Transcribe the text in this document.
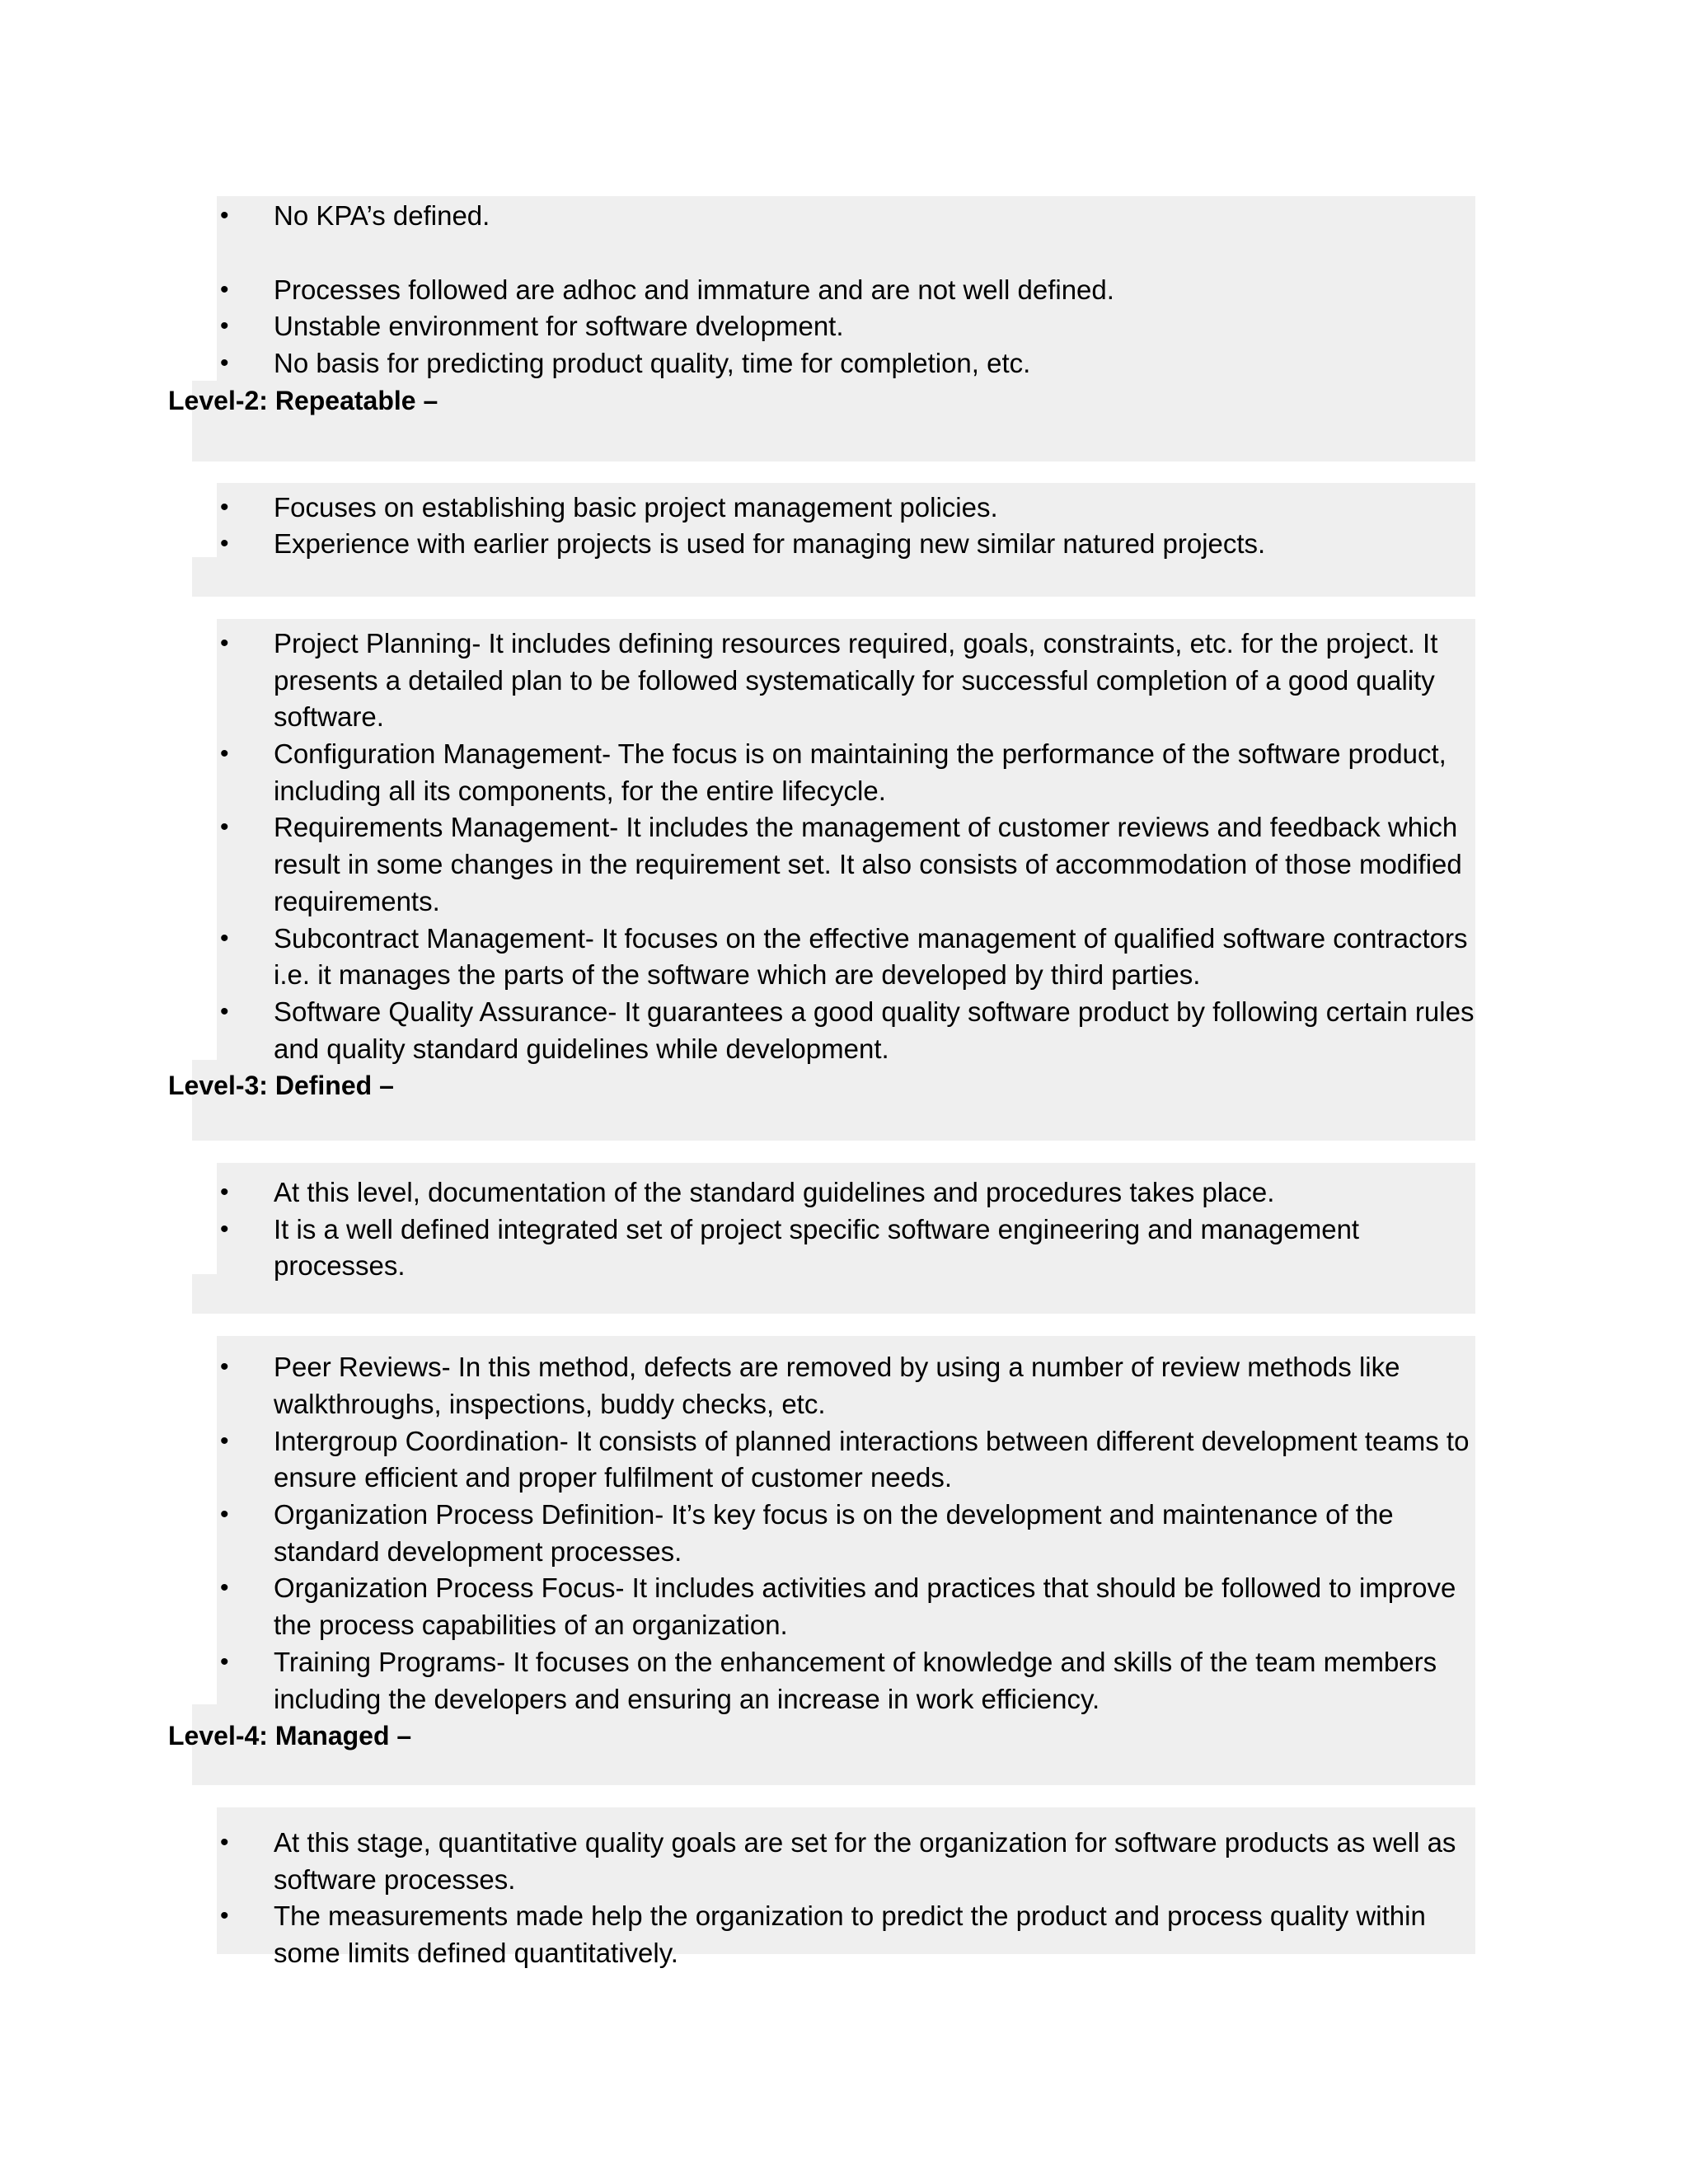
• No KPA’s defined.
• Processes followed are adhoc and immature and are not well defined.
• Unstable environment for software dvelopment.
• No basis for predicting product quality, time for completion, etc.
Level-2: Repeatable –
• Focuses on establishing basic project management policies.
• Experience with earlier projects is used for managing new similar natured projects.
• Project Planning- It includes defining resources required, goals, constraints, etc. for the project. It presents a detailed plan to be followed systematically for successful completion of a good quality software.
• Configuration Management- The focus is on maintaining the performance of the software product, including all its components, for the entire lifecycle.
• Requirements Management- It includes the management of customer reviews and feedback which result in some changes in the requirement set. It also consists of accommodation of those modified requirements.
• Subcontract Management- It focuses on the effective management of qualified software contractors i.e. it manages the parts of the software which are developed by third parties.
• Software Quality Assurance- It guarantees a good quality software product by following certain rules and quality standard guidelines while development.
Level-3: Defined –
• At this level, documentation of the standard guidelines and procedures takes place.
• It is a well defined integrated set of project specific software engineering and management processes.
• Peer Reviews- In this method, defects are removed by using a number of review methods like walkthroughs, inspections, buddy checks, etc.
• Intergroup Coordination- It consists of planned interactions between different development teams to ensure efficient and proper fulfilment of customer needs.
• Organization Process Definition- It’s key focus is on the development and maintenance of the standard development processes.
• Organization Process Focus- It includes activities and practices that should be followed to improve the process capabilities of an organization.
• Training Programs- It focuses on the enhancement of knowledge and skills of the team members including the developers and ensuring an increase in work efficiency.
Level-4: Managed –
• At this stage, quantitative quality goals are set for the organization for software products as well as software processes.
• The measurements made help the organization to predict the product and process quality within some limits defined quantitatively.
